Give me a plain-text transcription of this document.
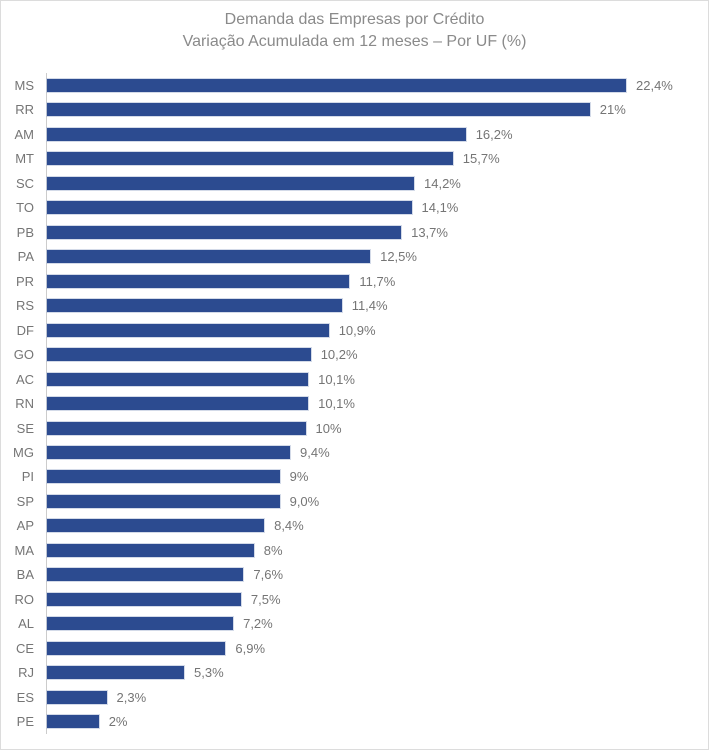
Demanda das Empresas por Crédito
Variação Acumulada em 12 meses – Por UF (%)
MS	22,4%
RR	21%
AM	16,2%
MT	15,7%
SC	14,2%
TO	14,1%
PB	13,7%
PA	12,5%
PR	11,7%
RS	11,4%
DF	10,9%
GO	10,2%
AC	10,1%
RN	10,1%
SE	10%
MG	9,4%
PI	9%
SP	9,0%
AP	8,4%
MA	8%
BA	7,6%
RO	7,5%
AL	7,2%
CE	6,9%
RJ	5,3%
ES	2,3%
PE	2%
